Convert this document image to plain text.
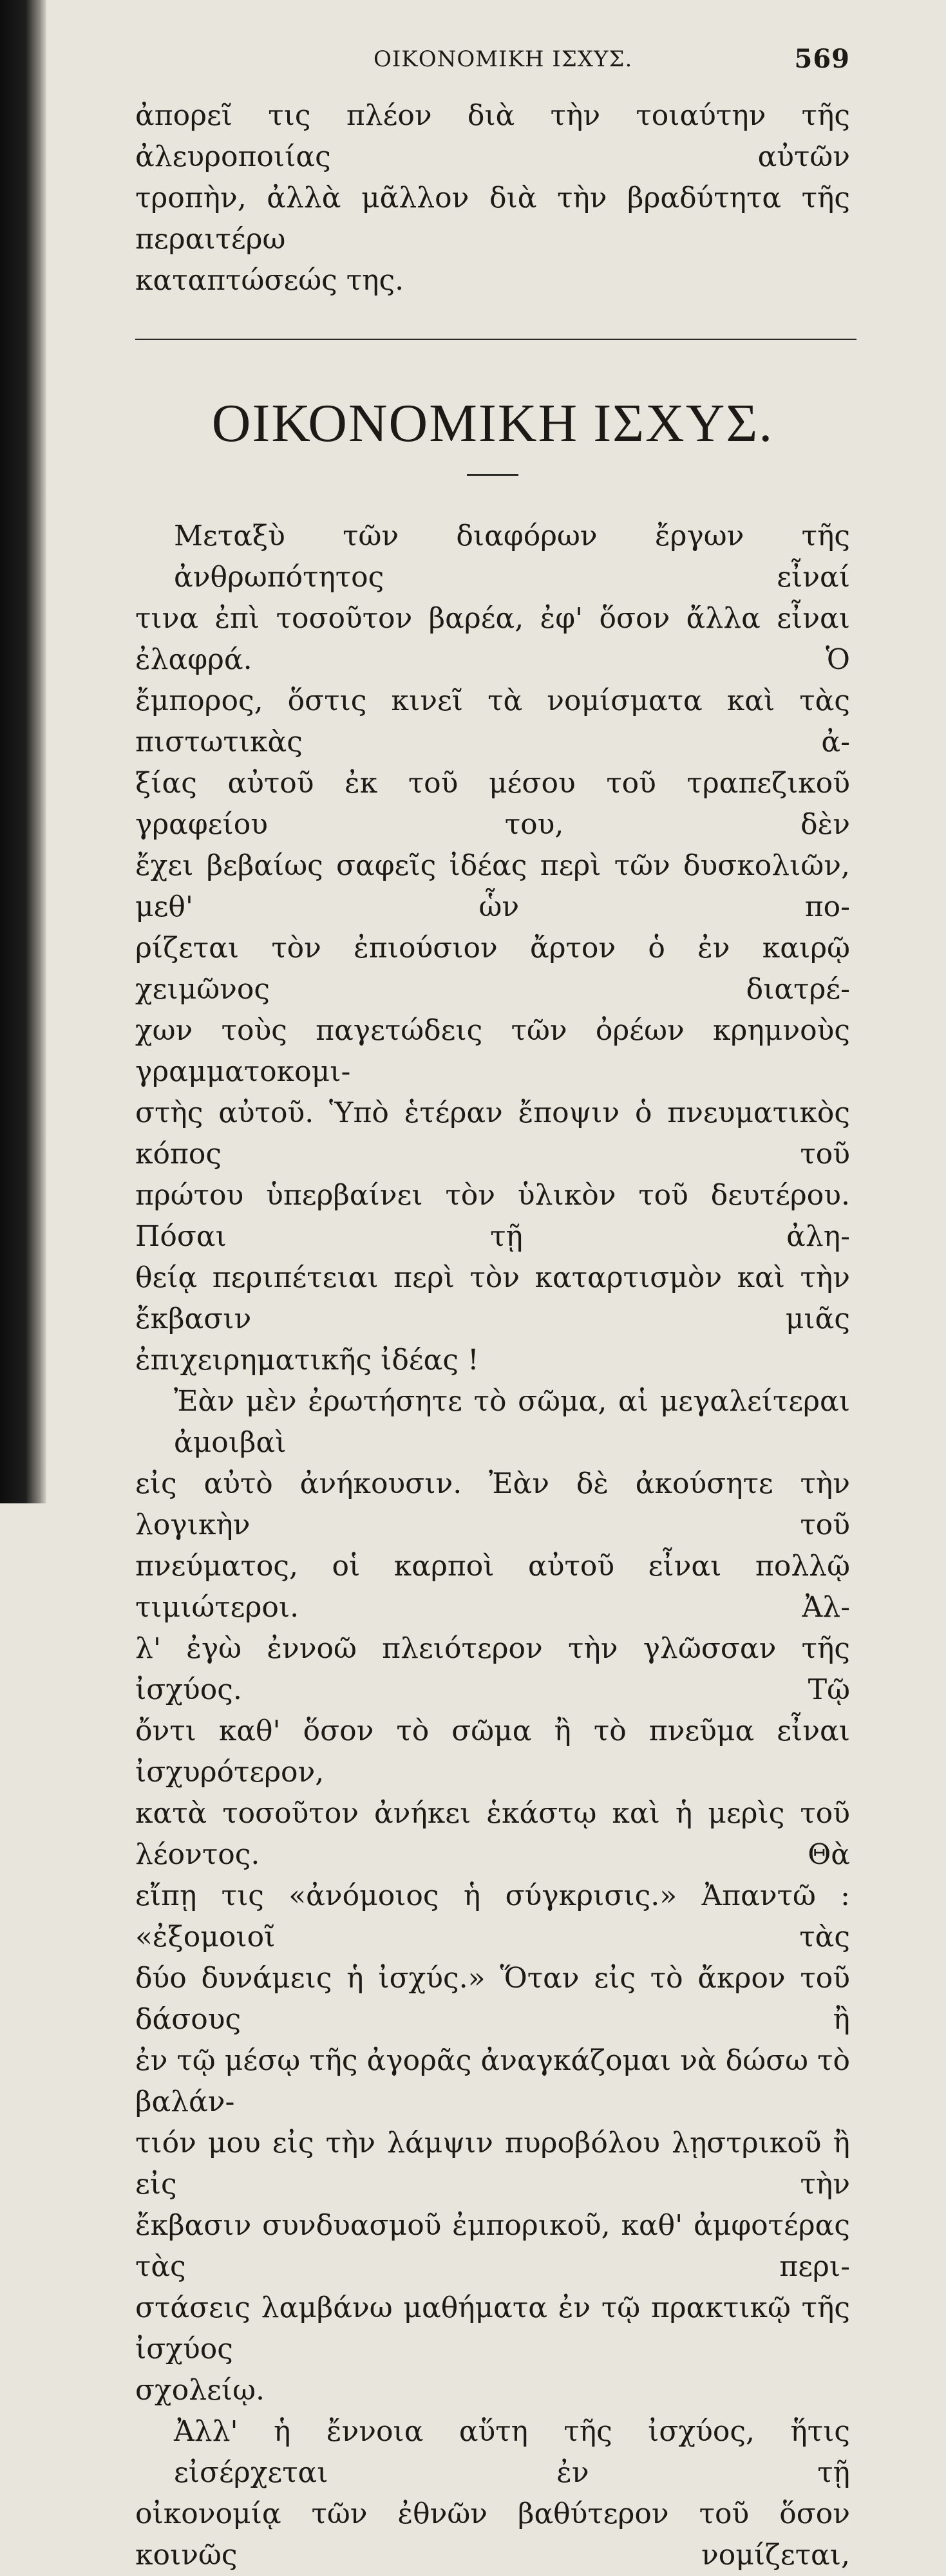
ΟΙΚΟΝΟΜΙΚΗ ΙΣΧΥΣ.	569

ἀπορεῖ τις πλέον διὰ τὴν τοιαύτην τῆς ἀλευροποιίας αὐτῶν
τροπὴν, ἀλλὰ μᾶλλον διὰ τὴν βραδύτητα τῆς περαιτέρω
καταπτώσεώς της.

ΟΙΚΟΝΟΜΙΚΗ ΙΣΧΥΣ.

Μεταξὺ τῶν διαφόρων ἔργων τῆς ἀνθρωπότητος εἶναί
τινα ἐπὶ τοσοῦτον βαρέα, ἐφ' ὅσον ἄλλα εἶναι ἐλαφρά. Ὁ
ἔμπορος, ὅστις κινεῖ τὰ νομίσματα καὶ τὰς πιστωτικὰς ἀ-
ξίας αὐτοῦ ἐκ τοῦ μέσου τοῦ τραπεζικοῦ γραφείου του, δὲν
ἔχει βεβαίως σαφεῖς ἰδέας περὶ τῶν δυσκολιῶν, μεθ' ὧν πο-
ρίζεται τὸν ἐπιούσιον ἄρτον ὁ ἐν καιρῷ χειμῶνος διατρέ-
χων τοὺς παγετώδεις τῶν ὀρέων κρημνοὺς γραμματοκομι-
στὴς αὐτοῦ. Ὑπὸ ἑτέραν ἔποψιν ὁ πνευματικὸς κόπος τοῦ
πρώτου ὑπερβαίνει τὸν ὑλικὸν τοῦ δευτέρου. Πόσαι τῇ ἀλη-
θείᾳ περιπέτειαι περὶ τὸν καταρτισμὸν καὶ τὴν ἔκβασιν μιᾶς
ἐπιχειρηματικῆς ἰδέας !

Ἐὰν μὲν ἐρωτήσητε τὸ σῶμα, αἱ μεγαλείτεραι ἀμοιβαὶ
εἰς αὐτὸ ἀνήκουσιν. Ἐὰν δὲ ἀκούσητε τὴν λογικὴν τοῦ
πνεύματος, οἱ καρποὶ αὐτοῦ εἶναι πολλῷ τιμιώτεροι. Ἀλ-
λ' ἐγὼ ἐννοῶ πλειότερον τὴν γλῶσσαν τῆς ἰσχύος. Τῷ
ὄντι καθ' ὅσον τὸ σῶμα ἢ τὸ πνεῦμα εἶναι ἰσχυρότερον,
κατὰ τοσοῦτον ἀνήκει ἑκάστῳ καὶ ἡ μερὶς τοῦ λέοντος. Θὰ
εἴπῃ τις «ἀνόμοιος ἡ σύγκρισις.» Ἀπαντῶ : «ἐξομοιοῖ τὰς
δύο δυνάμεις ἡ ἰσχύς.» Ὅταν εἰς τὸ ἄκρον τοῦ δάσους ἢ
ἐν τῷ μέσῳ τῆς ἀγορᾶς ἀναγκάζομαι νὰ δώσω τὸ βαλάν-
τιόν μου εἰς τὴν λάμψιν πυροβόλου λῃστρικοῦ ἢ εἰς τὴν
ἔκβασιν συνδυασμοῦ ἐμπορικοῦ, καθ' ἀμφοτέρας τὰς περι-
στάσεις λαμβάνω μαθήματα ἐν τῷ πρακτικῷ τῆς ἰσχύος
σχολείῳ.

Ἀλλ' ἡ ἔννοια αὕτη τῆς ἰσχύος, ἥτις εἰσέρχεται ἐν τῇ
οἰκονομίᾳ τῶν ἐθνῶν βαθύτερον τοῦ ὅσον κοινῶς νομίζεται,
